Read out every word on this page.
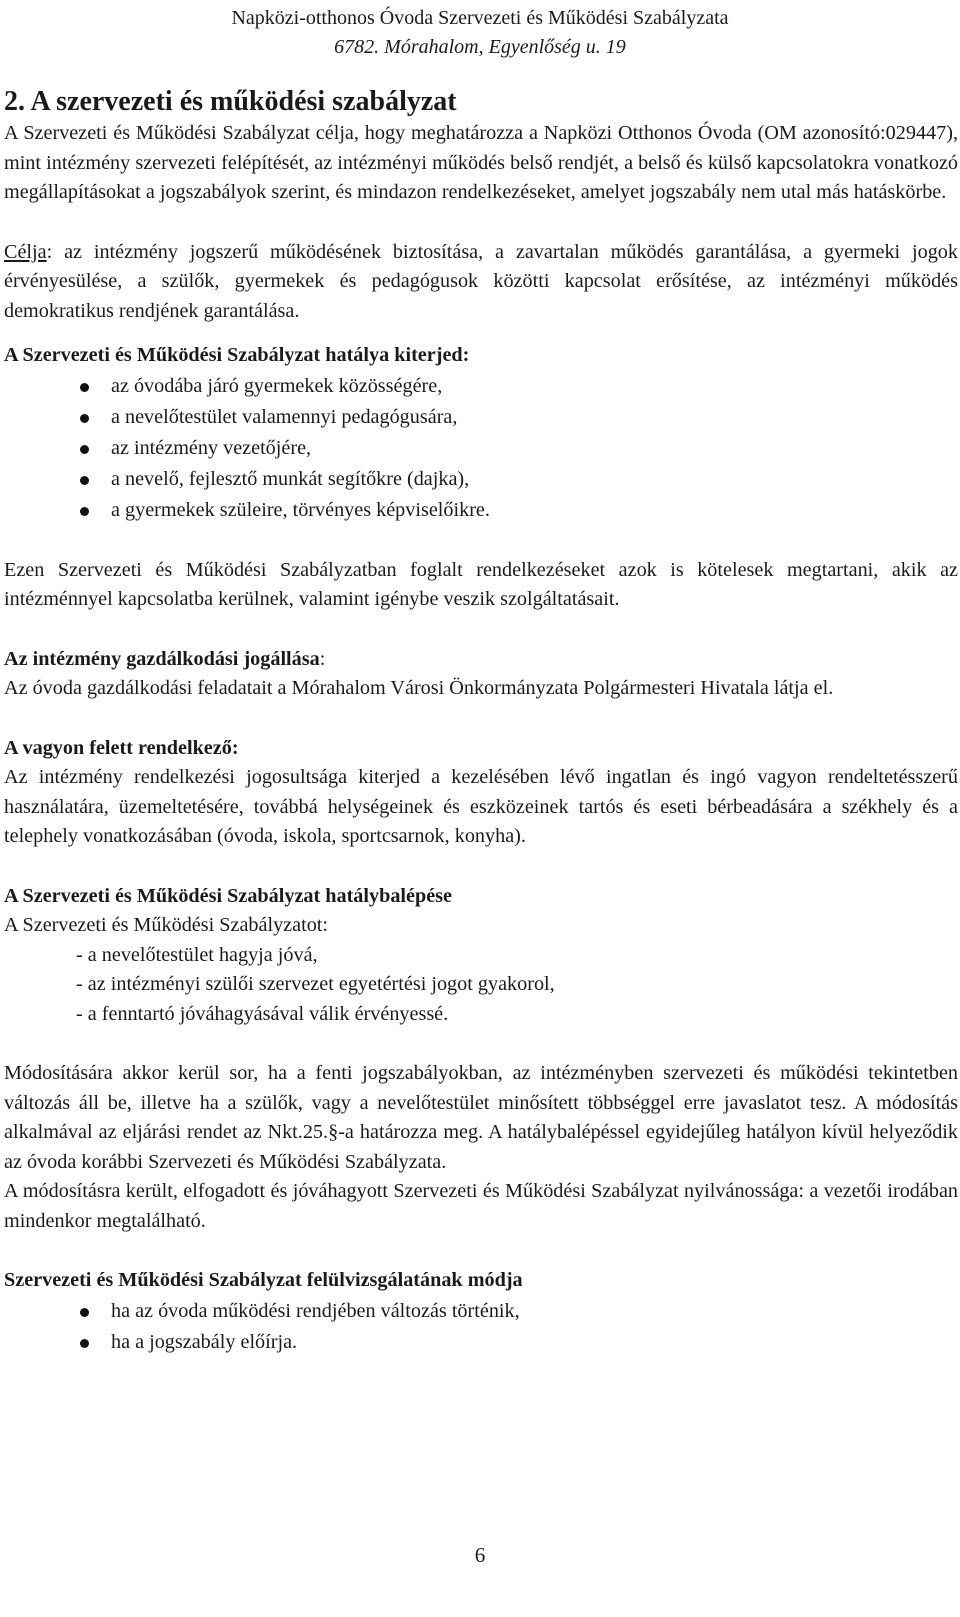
Napközi-otthonos Óvoda Szervezeti és Működési Szabályzata
6782. Mórahalom, Egyenlőség u. 19

2. A szervezeti és működési szabályzat

A Szervezeti és Működési Szabályzat célja, hogy meghatározza a Napközi Otthonos Óvoda (OM azonosító:029447), mint intézmény szervezeti felépítését, az intézményi működés belső rendjét, a belső és külső kapcsolatokra vonatkozó megállapításokat a jogszabályok szerint, és mindazon rendelkezéseket, amelyet jogszabály nem utal más hatáskörbe.

Célja: az intézmény jogszerű működésének biztosítása, a zavartalan működés garantálása, a gyermeki jogok érvényesülése, a szülők, gyermekek és pedagógusok közötti kapcsolat erősítése, az intézményi működés demokratikus rendjének garantálása.

A Szervezeti és Működési Szabályzat hatálya kiterjed:

az óvodába járó gyermekek közösségére,
a nevelőtestület valamennyi pedagógusára,
az intézmény vezetőjére,
a nevelő, fejlesztő munkát segítőkre (dajka),
a gyermekek szüleire, törvényes képviselőikre.

Ezen Szervezeti és Működési Szabályzatban foglalt rendelkezéseket azok is kötelesek megtartani, akik az intézménnyel kapcsolatba kerülnek, valamint igénybe veszik szolgáltatásait.

Az intézmény gazdálkodási jogállása:

Az óvoda gazdálkodási feladatait a Mórahalom Városi Önkormányzata Polgármesteri Hivatala látja el.

A vagyon felett rendelkező:

Az intézmény rendelkezési jogosultsága kiterjed a kezelésében lévő ingatlan és ingó vagyon rendeltetésszerű használatára, üzemeltetésére, továbbá helységeinek és eszközeinek tartós és eseti bérbeadására a székhely és a telephely vonatkozásában (óvoda, iskola, sportcsarnok, konyha).

A Szervezeti és Működési Szabályzat hatálybalépése

A Szervezeti és Működési Szabályzatot:

- a nevelőtestület hagyja jóvá,
- az intézményi szülői szervezet egyetértési jogot gyakorol,
- a fenntartó jóváhagyásával válik érvényessé.

Módosítására akkor kerül sor, ha a fenti jogszabályokban, az intézményben szervezeti és működési tekintetben változás áll be, illetve ha a szülők, vagy a nevelőtestület minősített többséggel erre javaslatot tesz. A módosítás alkalmával az eljárási rendet az Nkt.25.§-a határozza meg. A hatálybalépéssel egyidejűleg hatályon kívül helyeződik az óvoda korábbi Szervezeti és Működési Szabályzata.

A módosításra került, elfogadott és jóváhagyott Szervezeti és Működési Szabályzat nyilvánossága: a vezetői irodában mindenkor megtalálható.

Szervezeti és Működési Szabályzat felülvizsgálatának módja

ha az óvoda működési rendjében változás történik,
ha a jogszabály előírja.
6
